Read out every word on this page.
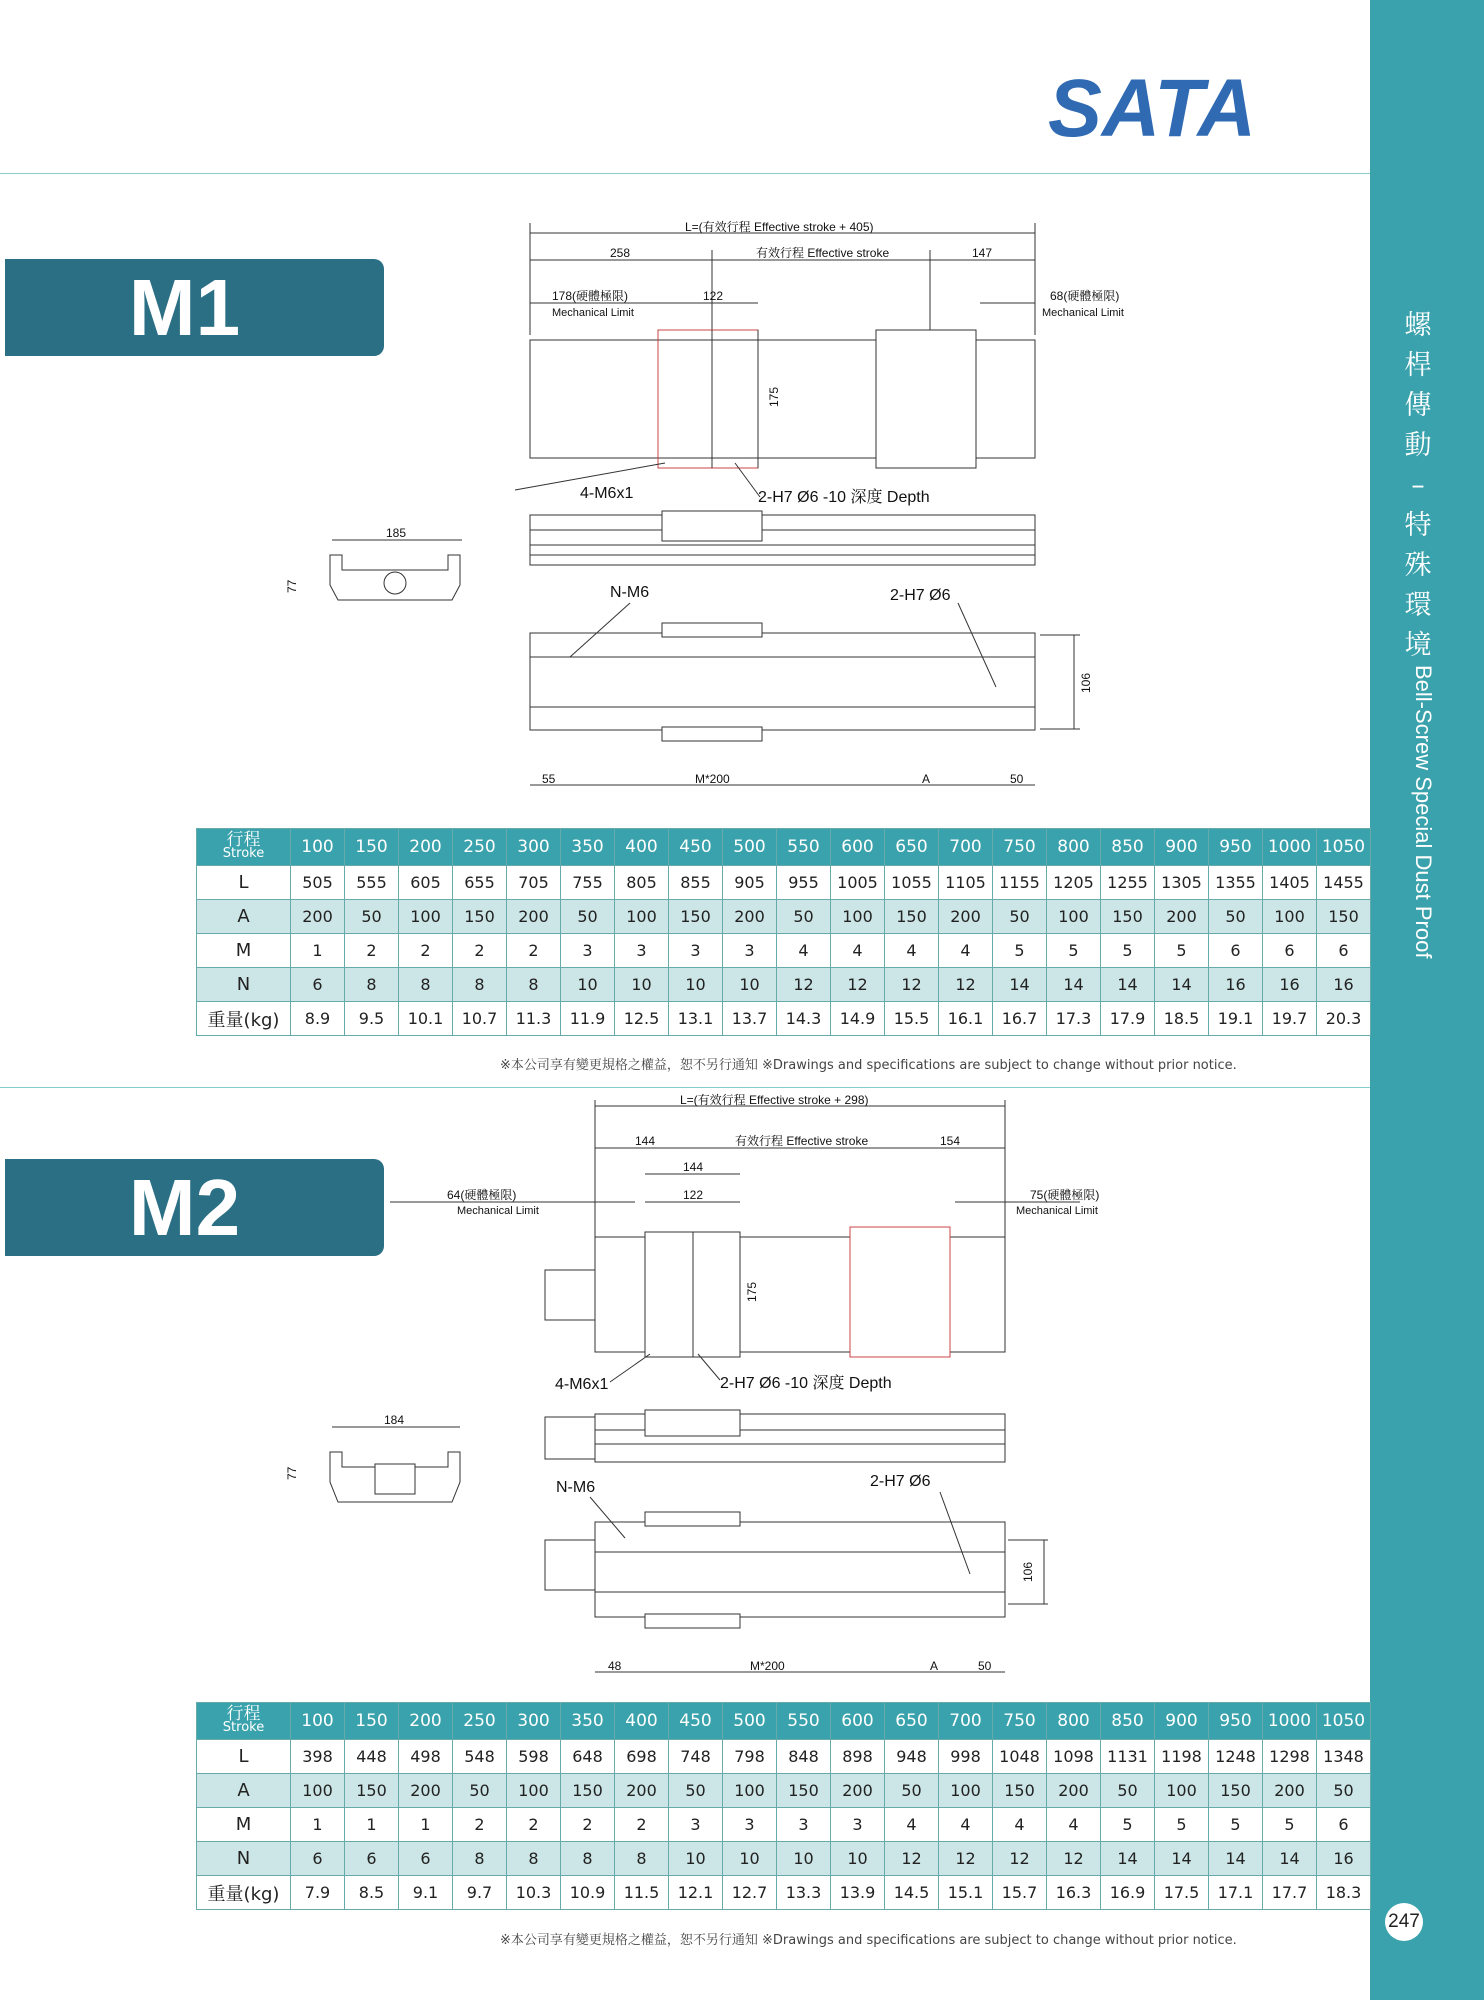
SATA
螺
桿
傳
動
–
特
殊
環
境
Bell-Screw Special Dust Proof
247
M1
L=(有效行程 Effective stroke + 405)
258	有效行程 Effective stroke	147
178(硬體極限)
Mechanical Limit
122	68(硬體極限)
Mechanical Limit
175
4-M6x1	2-H7 Ø6 -10 深度 Depth
185
77	N-M6	2-H7 Ø6
106
55	M*200	A	50
行程
Stroke	100	150	200	250	300	350	400	450	500	550	600	650	700	750	800	850	900	950	1000	1050
L	505	555	605	655	705	755	805	855	905	955	1005	1055	1105	1155	1205	1255	1305	1355	1405	1455
A	200	50	100	150	200	50	100	150	200	50	100	150	200	50	100	150	200	50	100	150
M	1	2	2	2	2	3	3	3	3	4	4	4	4	5	5	5	5	6	6	6
N	6	8	8	8	8	10	10	10	10	12	12	12	12	14	14	14	14	16	16	16
重量(kg)	8.9	9.5	10.1	10.7	11.3	11.9	12.5	13.1	13.7	14.3	14.9	15.5	16.1	16.7	17.3	17.9	18.5	19.1	19.7	20.3
※本公司享有變更規格之權益，恕不另行通知 ※Drawings and specifications are subject to change without prior notice.
M2
L=(有效行程 Effective stroke + 298)
144	有效行程 Effective stroke	154
144
122
64(硬體極限)
Mechanical Limit
75(硬體極限)
Mechanical Limit
175
4-M6x1	2-H7 Ø6 -10 深度 Depth
184
77
N-M6	2-H7 Ø6
106
48	M*200	A	50
行程
Stroke	100	150	200	250	300	350	400	450	500	550	600	650	700	750	800	850	900	950	1000	1050
L	398	448	498	548	598	648	698	748	798	848	898	948	998	1048	1098	1131	1198	1248	1298	1348
A	100	150	200	50	100	150	200	50	100	150	200	50	100	150	200	50	100	150	200	50
M	1	1	1	2	2	2	2	3	3	3	3	4	4	4	4	5	5	5	5	6
N	6	6	6	8	8	8	8	10	10	10	10	12	12	12	12	14	14	14	14	16
重量(kg)	7.9	8.5	9.1	9.7	10.3	10.9	11.5	12.1	12.7	13.3	13.9	14.5	15.1	15.7	16.3	16.9	17.5	17.1	17.7	18.3
※本公司享有變更規格之權益，恕不另行通知 ※Drawings and specifications are subject to change without prior notice.
